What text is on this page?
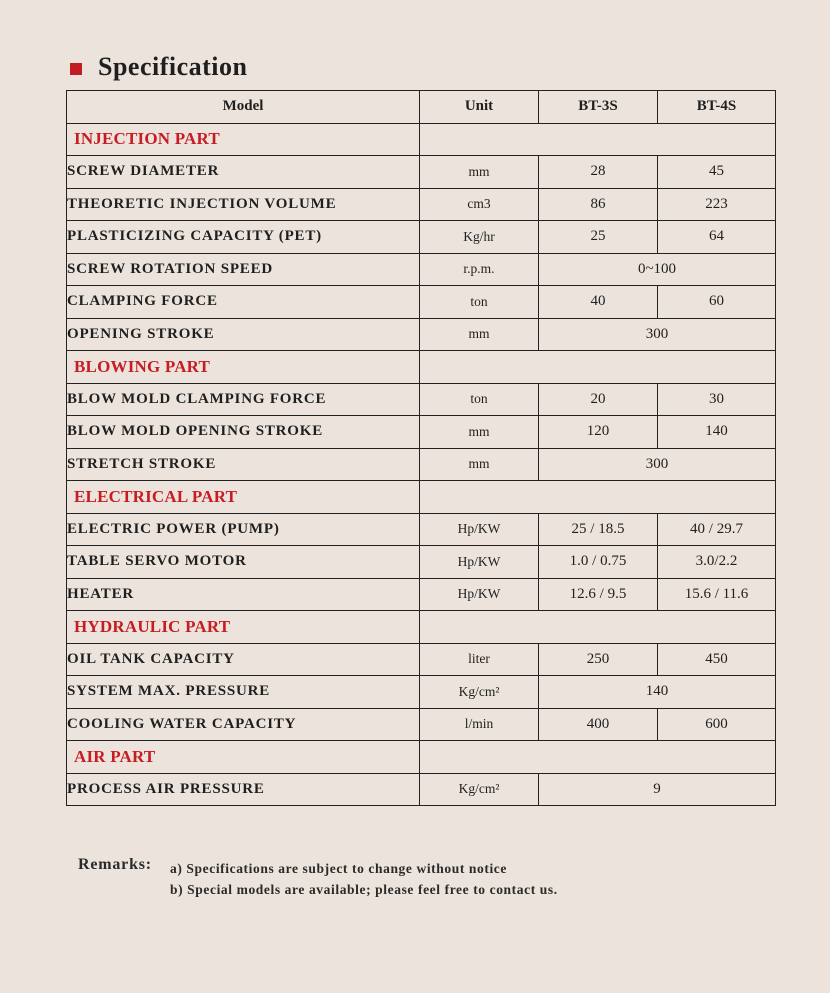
Specification
Model	Unit	BT-3S	BT-4S
INJECTION PART			
SCREW DIAMETER	mm	28	45
THEORETIC INJECTION VOLUME	cm3	86	223
PLASTICIZING CAPACITY (PET)	Kg/hr	25	64
SCREW ROTATION SPEED	r.p.m.	0~100	
CLAMPING FORCE	ton	40	60
OPENING STROKE	mm	300	
BLOWING PART			
BLOW MOLD CLAMPING FORCE	ton	20	30
BLOW MOLD OPENING STROKE	mm	120	140
STRETCH STROKE	mm	300	
ELECTRICAL PART			
ELECTRIC POWER (PUMP)	Hp/KW	25 / 18.5	40 / 29.7
TABLE SERVO MOTOR	Hp/KW	1.0 / 0.75	3.0/2.2
HEATER	Hp/KW	12.6 / 9.5	15.6 / 11.6
HYDRAULIC PART			
OIL TANK CAPACITY	liter	250	450
SYSTEM MAX. PRESSURE	Kg/cm²	140	
COOLING WATER CAPACITY	l/min	400	600
AIR PART			
PROCESS AIR PRESSURE	Kg/cm²	9	
Remarks: a) Specifications are subject to change without notice
b) Special models are available; please feel free to contact us.
